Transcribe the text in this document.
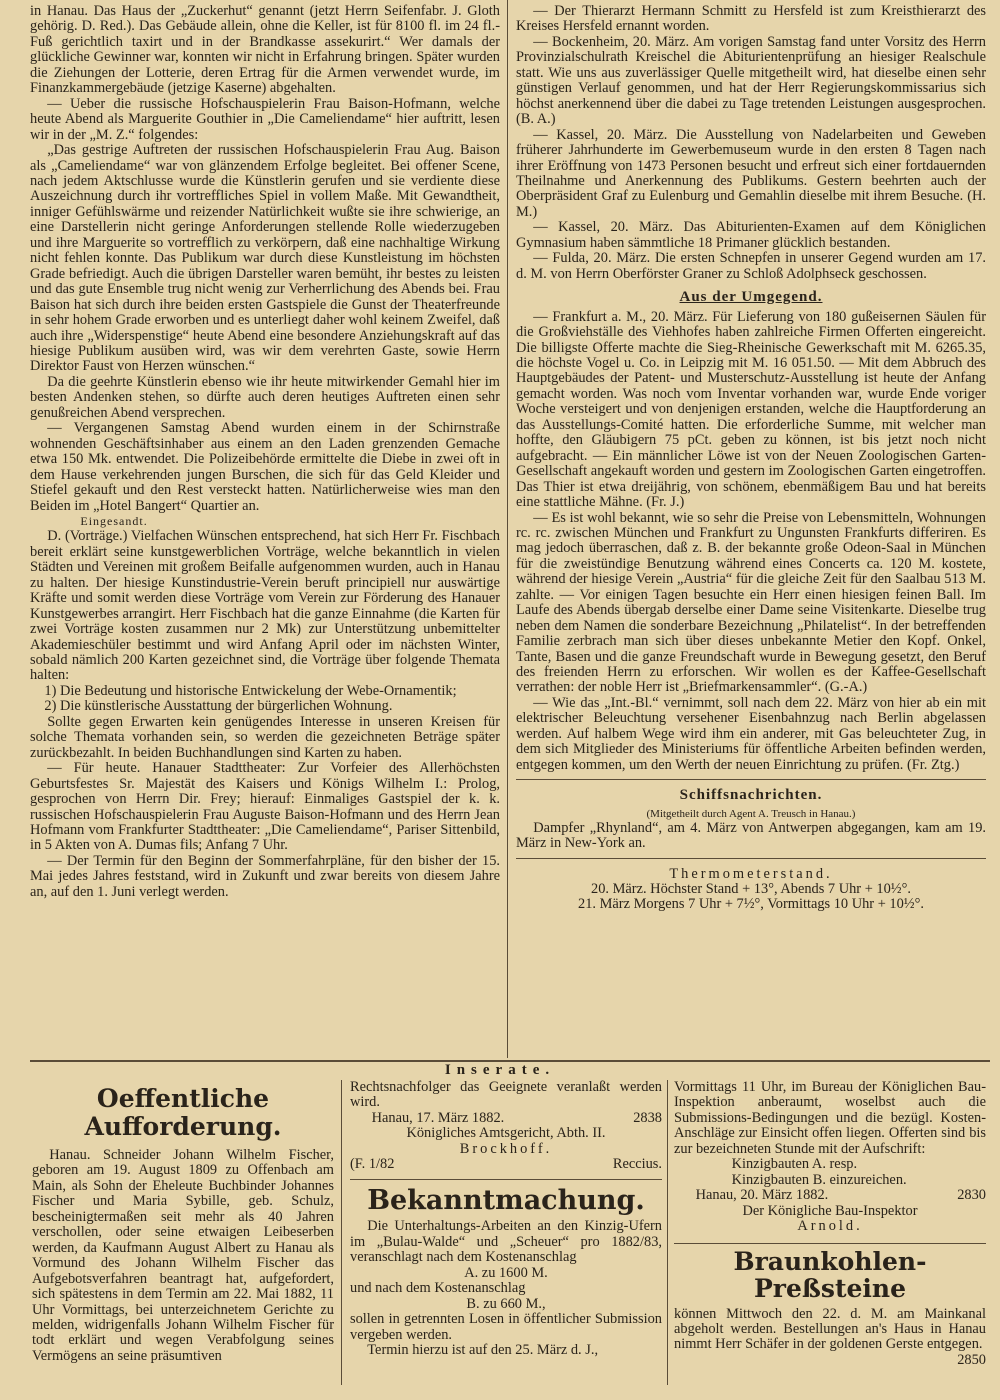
in Hanau. Das Haus der „Zuckerhut“ genannt (jetzt Herrn Seifenfabr. J. Gloth gehörig. D. Red.). Das Gebäude allein, ohne die Keller, ist für 8100 fl. im 24 fl.-Fuß gerichtlich taxirt und in der Brandkasse assekurirt.“ Wer damals der glückliche Gewinner war, konnten wir nicht in Erfahrung bringen. Später wurden die Ziehungen der Lotterie, deren Ertrag für die Armen verwendet wurde, im Finanzkammergebäude (jetzige Kaserne) abgehalten.

— Ueber die russische Hofschauspielerin Frau Baison-Hofmann, welche heute Abend als Marguerite Gouthier in „Die Cameliendame“ hier auftritt, lesen wir in der „M. Z.“ folgendes:

„Das gestrige Auftreten der russischen Hofschauspielerin Frau Aug. Baison als „Cameliendame“ war von glänzendem Erfolge begleitet. Bei offener Scene, nach jedem Aktschlusse wurde die Künstlerin gerufen und sie verdiente diese Auszeichnung durch ihr vortreffliches Spiel in vollem Maße. Mit Gewandtheit, inniger Gefühlswärme und reizender Natürlichkeit wußte sie ihre schwierige, an eine Darstellerin nicht geringe Anforderungen stellende Rolle wiederzugeben und ihre Marguerite so vortrefflich zu verkörpern, daß eine nachhaltige Wirkung nicht fehlen konnte. Das Publikum war durch diese Kunstleistung im höchsten Grade befriedigt. Auch die übrigen Darsteller waren bemüht, ihr bestes zu leisten und das gute Ensemble trug nicht wenig zur Verherrlichung des Abends bei. Frau Baison hat sich durch ihre beiden ersten Gastspiele die Gunst der Theaterfreunde in sehr hohem Grade erworben und es unterliegt daher wohl keinem Zweifel, daß auch ihre „Widerspenstige“ heute Abend eine besondere Anziehungskraft auf das hiesige Publikum ausüben wird, was wir dem verehrten Gaste, sowie Herrn Direktor Faust von Herzen wünschen.“

Da die geehrte Künstlerin ebenso wie ihr heute mitwirkender Gemahl hier im besten Andenken stehen, so dürfte auch deren heutiges Auftreten einen sehr genußreichen Abend versprechen.

— Vergangenen Samstag Abend wurden einem in der Schirnstraße wohnenden Geschäftsinhaber aus einem an den Laden grenzenden Gemache etwa 150 Mk. entwendet. Die Polizeibehörde ermittelte die Diebe in zwei oft in dem Hause verkehrenden jungen Burschen, die sich für das Geld Kleider und Stiefel gekauft und den Rest versteckt hatten. Natürlicherweise wies man den Beiden im „Hotel Bangert“ Quartier an.

Eingesandt.

D. (Vorträge.) Vielfachen Wünschen entsprechend, hat sich Herr Fr. Fischbach bereit erklärt seine kunstgewerblichen Vorträge, welche bekanntlich in vielen Städten und Vereinen mit großem Beifalle aufgenommen wurden, auch in Hanau zu halten. Der hiesige Kunstindustrie-Verein beruft principiell nur auswärtige Kräfte und somit werden diese Vorträge vom Verein zur Förderung des Hanauer Kunstgewerbes arrangirt. Herr Fischbach hat die ganze Einnahme (die Karten für zwei Vorträge kosten zusammen nur 2 Mk) zur Unterstützung unbemittelter Akademieschüler bestimmt und wird Anfang April oder im nächsten Winter, sobald nämlich 200 Karten gezeichnet sind, die Vorträge über folgende Themata halten:

1) Die Bedeutung und historische Entwickelung der Webe-Ornamentik;

2) Die künstlerische Ausstattung der bürgerlichen Wohnung.

Sollte gegen Erwarten kein genügendes Interesse in unseren Kreisen für solche Themata vorhanden sein, so werden die gezeichneten Beträge später zurückbezahlt. In beiden Buchhandlungen sind Karten zu haben.

— Für heute. Hanauer Stadttheater: Zur Vorfeier des Allerhöchsten Geburtsfestes Sr. Majestät des Kaisers und Königs Wilhelm I.: Prolog, gesprochen von Herrn Dir. Frey; hierauf: Einmaliges Gastspiel der k. k. russischen Hofschauspielerin Frau Auguste Baison-Hofmann und des Herrn Jean Hofmann vom Frankfurter Stadttheater: „Die Cameliendame“, Pariser Sittenbild, in 5 Akten von A. Dumas fils; Anfang 7 Uhr.

— Der Termin für den Beginn der Sommerfahrpläne, für den bisher der 15. Mai jedes Jahres feststand, wird in Zukunft und zwar bereits von diesem Jahre an, auf den 1. Juni verlegt werden.

— Der Thierarzt Hermann Schmitt zu Hersfeld ist zum Kreisthierarzt des Kreises Hersfeld ernannt worden.

— Bockenheim, 20. März. Am vorigen Samstag fand unter Vorsitz des Herrn Provinzialschulrath Kreischel die Abiturientenprüfung an hiesiger Realschule statt. Wie uns aus zuverlässiger Quelle mitgetheilt wird, hat dieselbe einen sehr günstigen Verlauf genommen, und hat der Herr Regierungskommissarius sich höchst anerkennend über die dabei zu Tage tretenden Leistungen ausgesprochen. (B. A.)

— Kassel, 20. März. Die Ausstellung von Nadelarbeiten und Geweben früherer Jahrhunderte im Gewerbemuseum wurde in den ersten 8 Tagen nach ihrer Eröffnung von 1473 Personen besucht und erfreut sich einer fortdauernden Theilnahme und Anerkennung des Publikums. Gestern beehrten auch der Oberpräsident Graf zu Eulenburg und Gemahlin dieselbe mit ihrem Besuche. (H. M.)

— Kassel, 20. März. Das Abiturienten-Examen auf dem Königlichen Gymnasium haben sämmtliche 18 Primaner glücklich bestanden.

— Fulda, 20. März. Die ersten Schnepfen in unserer Gegend wurden am 17. d. M. von Herrn Oberförster Graner zu Schloß Adolphseck geschossen.

Aus der Umgegend.

— Frankfurt a. M., 20. März. Für Lieferung von 180 gußeisernen Säulen für die Großviehställe des Viehhofes haben zahlreiche Firmen Offerten eingereicht. Die billigste Offerte machte die Sieg-Rheinische Gewerkschaft mit M. 6265.35, die höchste Vogel u. Co. in Leipzig mit M. 16 051.50. — Mit dem Abbruch des Hauptgebäudes der Patent- und Musterschutz-Ausstellung ist heute der Anfang gemacht worden. Was noch vom Inventar vorhanden war, wurde Ende voriger Woche versteigert und von denjenigen erstanden, welche die Hauptforderung an das Ausstellungs-Comité hatten. Die erforderliche Summe, mit welcher man hoffte, den Gläubigern 75 pCt. geben zu können, ist bis jetzt noch nicht aufgebracht. — Ein männlicher Löwe ist von der Neuen Zoologischen Garten-Gesellschaft angekauft worden und gestern im Zoologischen Garten eingetroffen. Das Thier ist etwa dreijährig, von schönem, ebenmäßigem Bau und hat bereits eine stattliche Mähne. (Fr. J.)

— Es ist wohl bekannt, wie so sehr die Preise von Lebensmitteln, Wohnungen rc. rc. zwischen München und Frankfurt zu Ungunsten Frankfurts differiren. Es mag jedoch überraschen, daß z. B. der bekannte große Odeon-Saal in München für die zweistündige Benutzung während eines Concerts ca. 120 M. kostete, während der hiesige Verein „Austria“ für die gleiche Zeit für den Saalbau 513 M. zahlte. — Vor einigen Tagen besuchte ein Herr einen hiesigen feinen Ball. Im Laufe des Abends übergab derselbe einer Dame seine Visitenkarte. Dieselbe trug neben dem Namen die sonderbare Bezeichnung „Philatelist“. In der betreffenden Familie zerbrach man sich über dieses unbekannte Metier den Kopf. Onkel, Tante, Basen und die ganze Freundschaft wurde in Bewegung gesetzt, den Beruf des freienden Herrn zu erforschen. Wir wollen es der Kaffee-Gesellschaft verrathen: der noble Herr ist „Briefmarkensammler“. (G.-A.)

— Wie das „Int.-Bl.“ vernimmt, soll nach dem 22. März von hier ab ein mit elektrischer Beleuchtung versehener Eisenbahnzug nach Berlin abgelassen werden. Auf halbem Wege wird ihm ein anderer, mit Gas beleuchteter Zug, in dem sich Mitglieder des Ministeriums für öffentliche Arbeiten befinden werden, entgegen kommen, um den Werth der neuen Einrichtung zu prüfen. (Fr. Ztg.)

Schiffsnachrichten.
(Mitgetheilt durch Agent A. Treusch in Hanau.)

Dampfer „Rhynland“, am 4. März von Antwerpen abgegangen, kam am 19. März in New-York an.

Thermometerstand.
20. März. Höchster Stand + 13°, Abends 7 Uhr + 10½°.
21. März Morgens 7 Uhr + 7½°, Vormittags 10 Uhr + 10½°.
Inserate.
Oeffentliche Aufforderung.

Hanau. Schneider Johann Wilhelm Fischer, geboren am 19. August 1809 zu Offenbach am Main, als Sohn der Eheleute Buchbinder Johannes Fischer und Maria Sybille, geb. Schulz, bescheinigtermaßen seit mehr als 40 Jahren verschollen, oder seine etwaigen Leibeserben werden, da Kaufmann August Albert zu Hanau als Vormund des Johann Wilhelm Fischer das Aufgebotsverfahren beantragt hat, aufgefordert, sich spätestens in dem Termin am 22. Mai 1882, 11 Uhr Vormittags, bei unterzeichnetem Gerichte zu melden, widrigenfalls Johann Wilhelm Fischer für todt erklärt und wegen Verabfolgung seines Vermögens an seine präsumtiven

Rechtsnachfolger das Geeignete veranlaßt werden wird.

Hanau, 17. März 1882.	2838
Königliches Amtsgericht, Abth. II.
Brockhoff.
(F. 1/82	Reccius.
Bekanntmachung.

Die Unterhaltungs-Arbeiten an den Kinzig-Ufern im „Bulau-Walde“ und „Scheuer“ pro 1882/83, veranschlagt nach dem Kostenanschlag

A. zu 1600 M.

und nach dem Kostenanschlag

B. zu 660 M.,

sollen in getrennten Losen in öffentlicher Submission vergeben werden.

Termin hierzu ist auf den 25. März d. J.,

Vormittags 11 Uhr, im Bureau der Königlichen Bau-Inspektion anberaumt, woselbst auch die Submissions-Bedingungen und die bezügl. Kosten-Anschläge zur Einsicht offen liegen. Offerten sind bis zur bezeichneten Stunde mit der Aufschrift:

Kinzigbauten A. resp.
Kinzigbauten B. einzureichen.
Hanau, 20. März 1882.	2830
Der Königliche Bau-Inspektor
Arnold.
Braunkohlen-Preßsteine

können Mittwoch den 22. d. M. am Mainkanal abgeholt werden. Bestellungen an's Haus in Hanau nimmt Herr Schäfer in der goldenen Gerste entgegen.

2850
